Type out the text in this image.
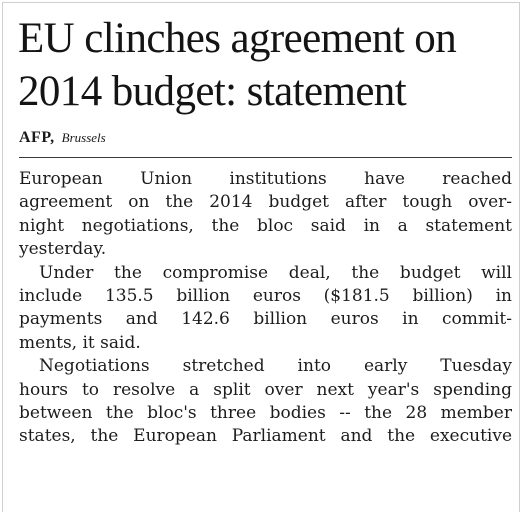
EU clinches agreement on
2014 budget: statement
AFP, Brussels
European Union institutions have reached
agreement on the 2014 budget after tough over-
night negotiations, the bloc said in a statement
yesterday.
Under the compromise deal, the budget will
include 135.5 billion euros ($181.5 billion) in
payments and 142.6 billion euros in commit-
ments, it said.
Negotiations stretched into early Tuesday
hours to resolve a split over next year's spending
between the bloc's three bodies -- the 28 member
states, the European Parliament and the executive
